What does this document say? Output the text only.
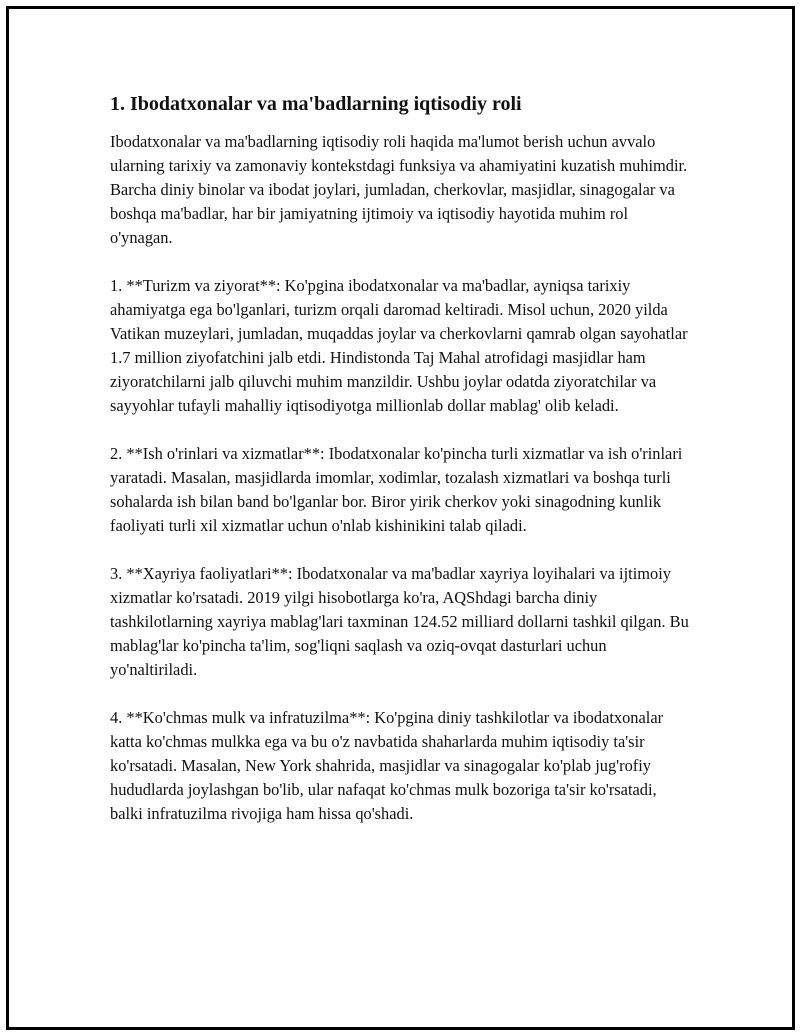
1. Ibodatxonalar va ma'badlarning iqtisodiy roli

Ibodatxonalar va ma'badlarning iqtisodiy roli haqida ma'lumot berish uchun avvalo ularning tarixiy va zamonaviy kontekstdagi funksiya va ahamiyatini kuzatish muhimdir. Barcha diniy binolar va ibodat joylari, jumladan, cherkovlar, masjidlar, sinagogalar va boshqa ma'badlar, har bir jamiyatning ijtimoiy va iqtisodiy hayotida muhim rol o'ynagan.

1. **Turizm va ziyorat**: Ko'pgina ibodatxonalar va ma'badlar, ayniqsa tarixiy ahamiyatga ega bo'lganlari, turizm orqali daromad keltiradi. Misol uchun, 2020 yilda Vatikan muzeylari, jumladan, muqaddas joylar va cherkovlarni qamrab olgan sayohatlar 1.7 million ziyofatchini jalb etdi. Hindistonda Taj Mahal atrofidagi masjidlar ham ziyoratchilarni jalb qiluvchi muhim manzildir. Ushbu joylar odatda ziyoratchilar va sayyohlar tufayli mahalliy iqtisodiyotga millionlab dollar mablag' olib keladi.

2. **Ish o'rinlari va xizmatlar**: Ibodatxonalar ko'pincha turli xizmatlar va ish o'rinlari yaratadi. Masalan, masjidlarda imomlar, xodimlar, tozalash xizmatlari va boshqa turli sohalarda ish bilan band bo'lganlar bor. Biror yirik cherkov yoki sinagodning kunlik faoliyati turli xil xizmatlar uchun o'nlab kishinikini talab qiladi.

3. **Xayriya faoliyatlari**: Ibodatxonalar va ma'badlar xayriya loyihalari va ijtimoiy xizmatlar ko'rsatadi. 2019 yilgi hisobotlarga ko'ra, AQShdagi barcha diniy tashkilotlarning xayriya mablag'lari taxminan 124.52 milliard dollarni tashkil qilgan. Bu mablag'lar ko'pincha ta'lim, sog'liqni saqlash va oziq-ovqat dasturlari uchun yo'naltiriladi.

4. **Ko'chmas mulk va infratuzilma**: Ko'pgina diniy tashkilotlar va ibodatxonalar katta ko'chmas mulkka ega va bu o'z navbatida shaharlarda muhim iqtisodiy ta'sir ko'rsatadi. Masalan, New York shahrida, masjidlar va sinagogalar ko'plab jug'rofiy hududlarda joylashgan bo'lib, ular nafaqat ko'chmas mulk bozoriga ta'sir ko'rsatadi, balki infratuzilma rivojiga ham hissa qo'shadi.
